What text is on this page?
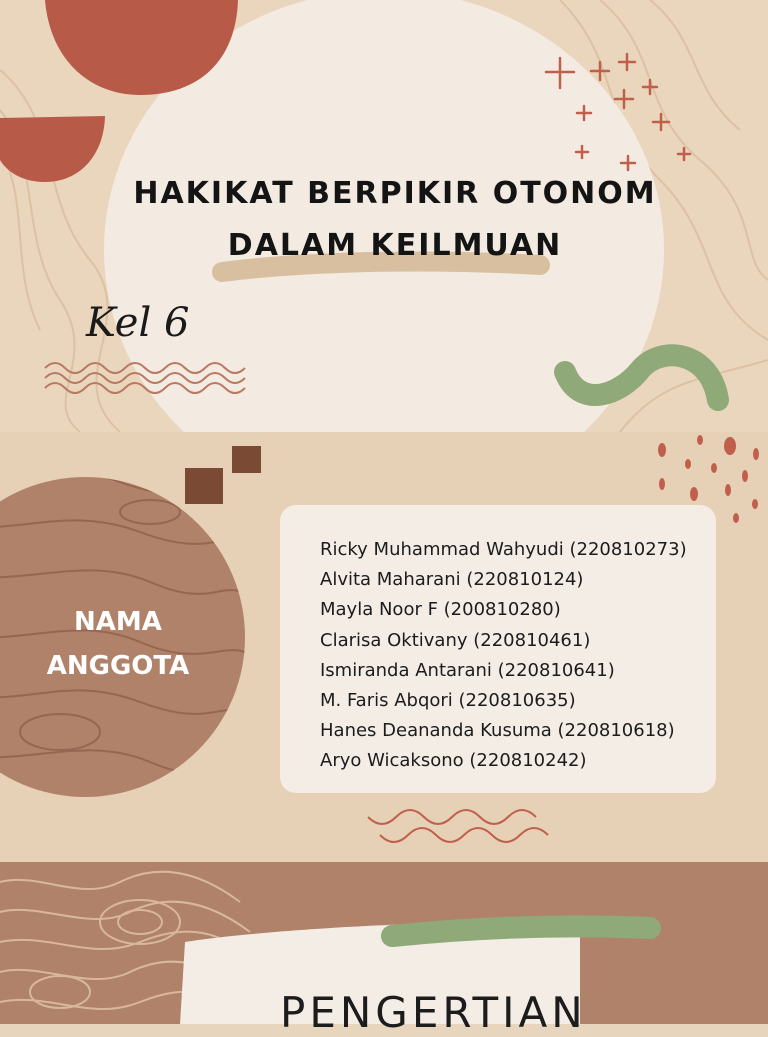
HAKIKAT BERPIKIR OTONOM

DALAM KEILMUAN

Kel 6

NAMA
ANGGOTA
Ricky Muhammad Wahyudi (220810273)
Alvita Maharani (220810124)
Mayla Noor F (200810280)
Clarisa Oktivany (220810461)
Ismiranda Antarani (220810641)
M. Faris Abqori (220810635)
Hanes Deananda Kusuma (220810618)
Aryo Wicaksono (220810242)
PENGERTIAN
